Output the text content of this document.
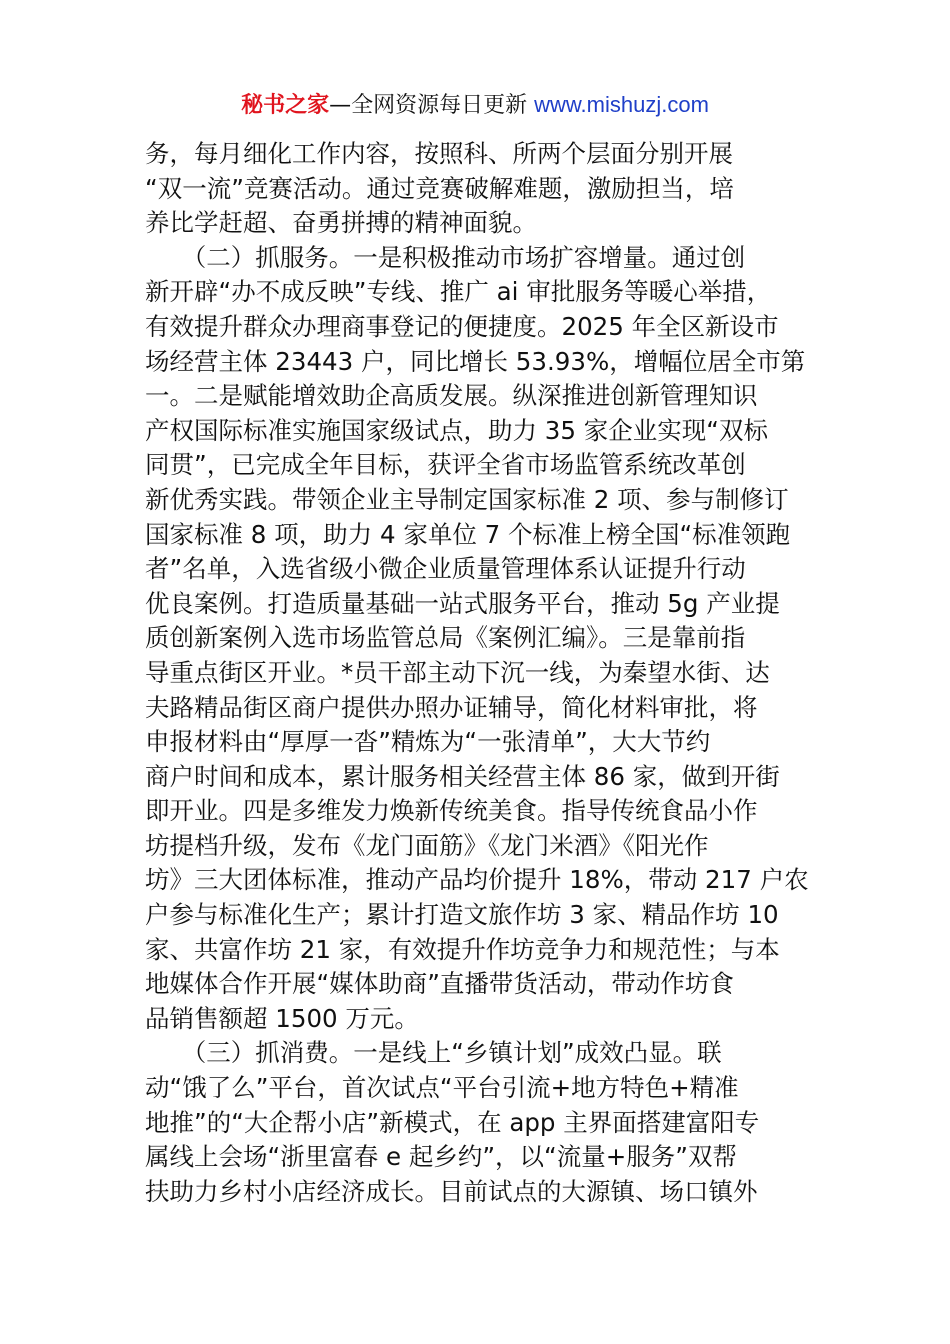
秘书之家—全网资源每日更新 www.mishuzj.com
务，每月细化工作内容，按照科、所两个层面分别开展
“双一流”竞赛活动。通过竞赛破解难题，激励担当，培
养比学赶超、奋勇拼搏的精神面貌。
　　（二）抓服务。一是积极推动市场扩容增量。通过创
新开辟“办不成反映”专线、推广 ai 审批服务等暖心举措，
有效提升群众办理商事登记的便捷度。2025 年全区新设市
场经营主体 23443 户，同比增长 53.93%，增幅位居全市第
一。二是赋能增效助企高质发展。纵深推进创新管理知识
产权国际标准实施国家级试点，助力 35 家企业实现“双标
同贯”，已完成全年目标，获评全省市场监管系统改革创
新优秀实践。带领企业主导制定国家标准 2 项、参与制修订
国家标准 8 项，助力 4 家单位 7 个标准上榜全国“标准领跑
者”名单，入选省级小微企业质量管理体系认证提升行动
优良案例。打造质量基础一站式服务平台，推动 5g 产业提
质创新案例入选市场监管总局《案例汇编》。三是靠前指
导重点街区开业。*员干部主动下沉一线，为秦望水街、达
夫路精品街区商户提供办照办证辅导，简化材料审批，将
申报材料由“厚厚一沓”精炼为“一张清单”，大大节约
商户时间和成本，累计服务相关经营主体 86 家，做到开街
即开业。四是多维发力焕新传统美食。指导传统食品小作
坊提档升级，发布《龙门面筋》《龙门米酒》《阳光作
坊》三大团体标准，推动产品均价提升 18%，带动 217 户农
户参与标准化生产；累计打造文旅作坊 3 家、精品作坊 10
家、共富作坊 21 家，有效提升作坊竞争力和规范性；与本
地媒体合作开展“媒体助商”直播带货活动，带动作坊食
品销售额超 1500 万元。
　　（三）抓消费。一是线上“乡镇计划”成效凸显。联
动“饿了么”平台，首次试点“平台引流+地方特色+精准
地推”的“大企帮小店”新模式，在 app 主界面搭建富阳专
属线上会场“浙里富春 e 起乡约”，以“流量+服务”双帮
扶助力乡村小店经济成长。目前试点的大源镇、场口镇外
